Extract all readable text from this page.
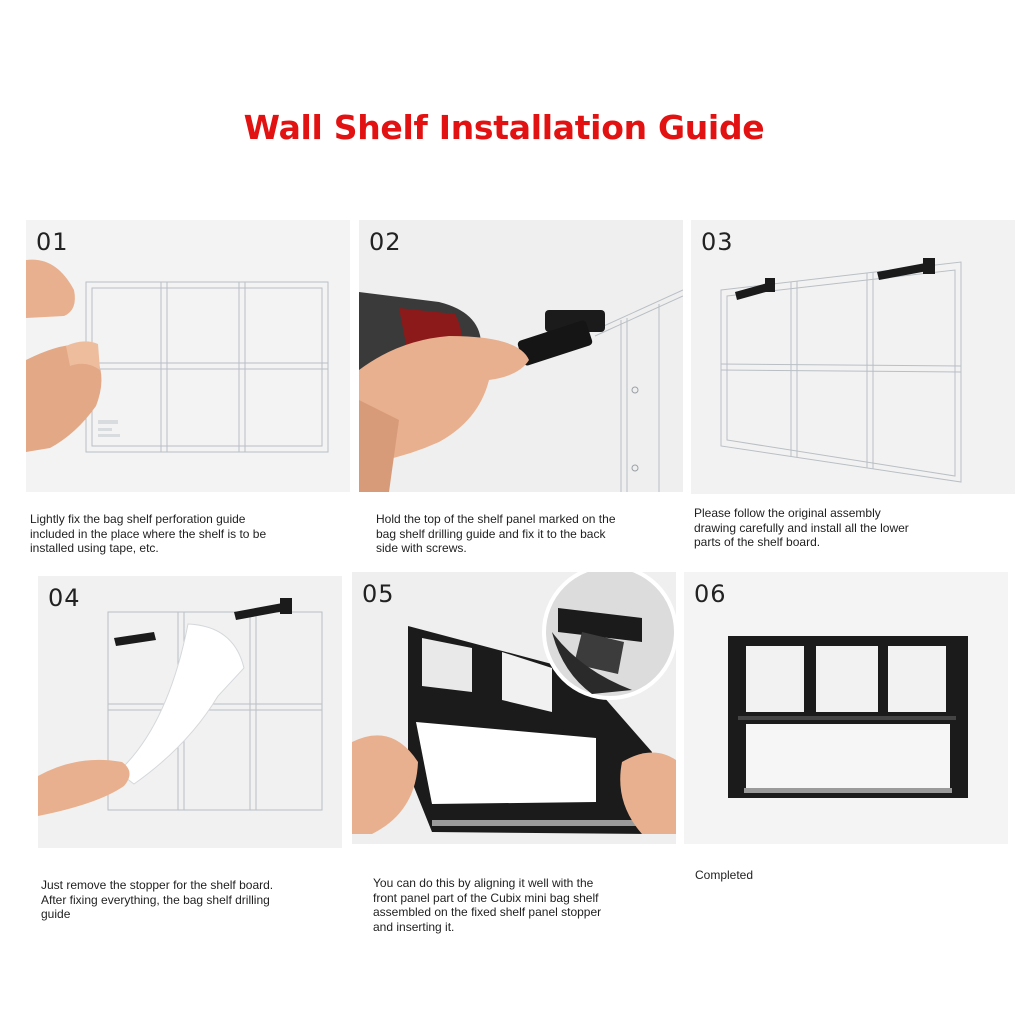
Wall Shelf Installation Guide
01
Lightly fix the bag shelf perforation guide
included in the place where the shelf is to be
installed using tape, etc.
02
Hold the top of the shelf panel marked on the
bag shelf drilling guide and fix it to the back
side with screws.
03
Please follow the original assembly
drawing carefully and install all the lower
parts of the shelf board.
04
Just remove the stopper for the shelf board.
After fixing everything, the bag shelf drilling
guide
05
You can do this by aligning it well with the
front panel part of the Cubix mini bag shelf
assembled on the fixed shelf panel stopper
and inserting it.
06
Completed
